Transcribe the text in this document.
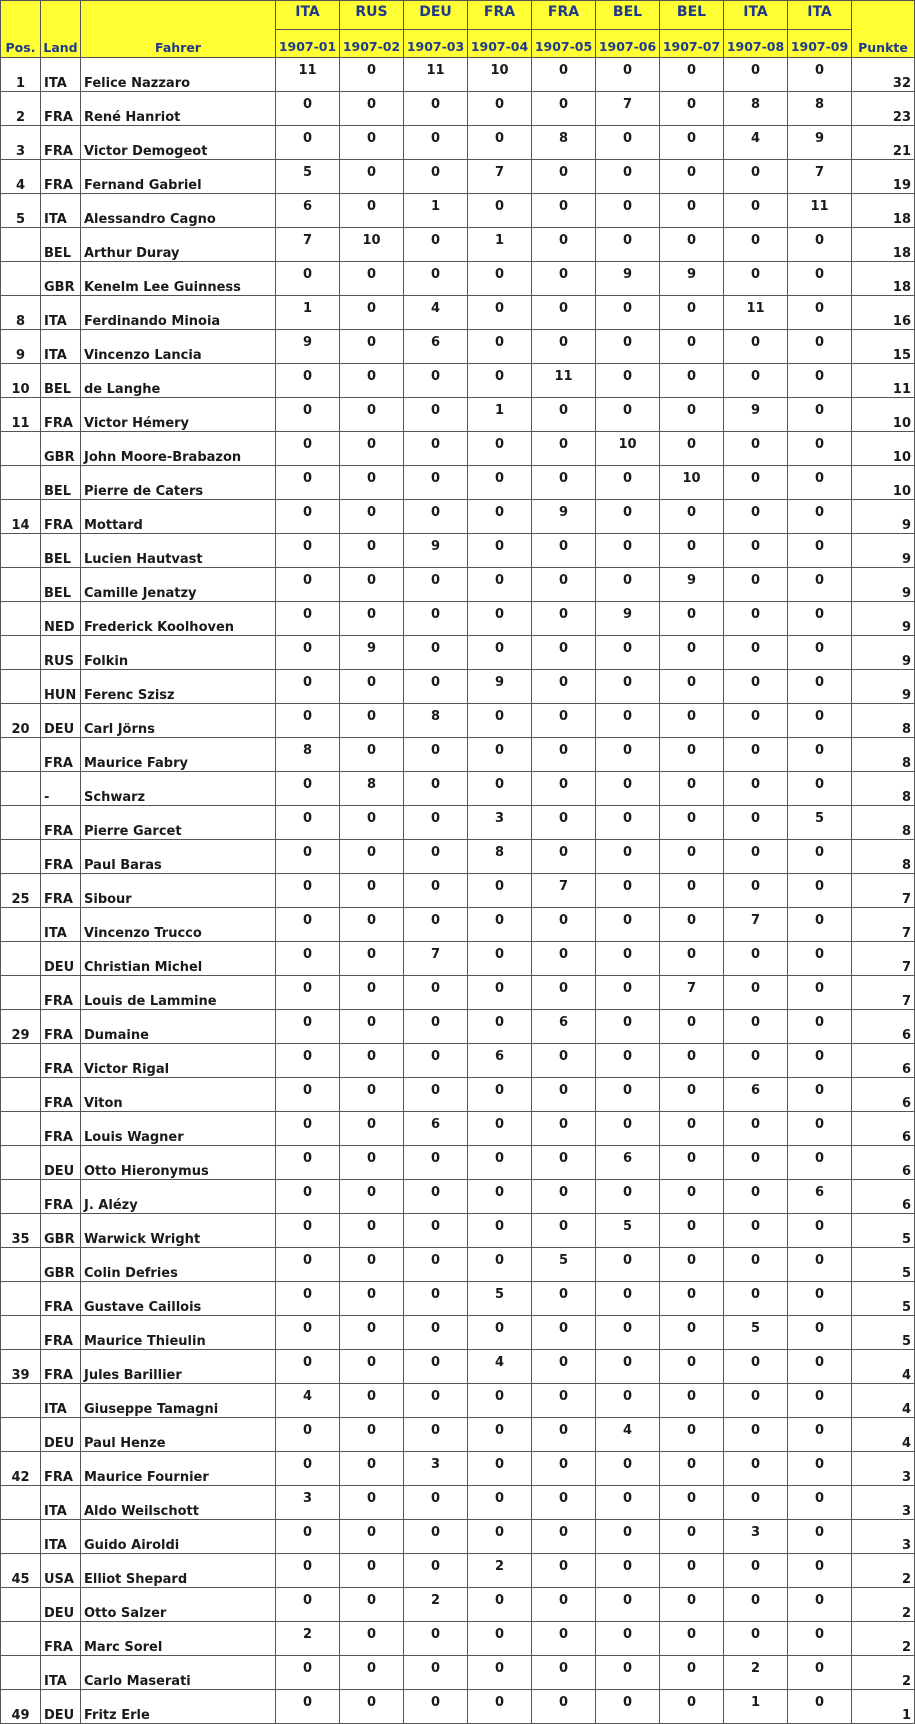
Pos.	Land	Fahrer	ITA	RUS	DEU	FRA	FRA	BEL	BEL	ITA	ITA	Punkte
			1907-01	1907-02	1907-03	1907-04	1907-05	1907-06	1907-07	1907-08	1907-09	
1	ITA	Felice Nazzaro	11	0	11	10	0	0	0	0	0	32
2	FRA	René Hanriot	0	0	0	0	0	7	0	8	8	23
3	FRA	Victor Demogeot	0	0	0	0	8	0	0	4	9	21
4	FRA	Fernand Gabriel	5	0	0	7	0	0	0	0	7	19
5	ITA	Alessandro Cagno	6	0	1	0	0	0	0	0	11	18
	BEL	Arthur Duray	7	10	0	1	0	0	0	0	0	18
	GBR	Kenelm Lee Guinness	0	0	0	0	0	9	9	0	0	18
8	ITA	Ferdinando Minoia	1	0	4	0	0	0	0	11	0	16
9	ITA	Vincenzo Lancia	9	0	6	0	0	0	0	0	0	15
10	BEL	de Langhe	0	0	0	0	11	0	0	0	0	11
11	FRA	Victor Hémery	0	0	0	1	0	0	0	9	0	10
	GBR	John Moore-Brabazon	0	0	0	0	0	10	0	0	0	10
	BEL	Pierre de Caters	0	0	0	0	0	0	10	0	0	10
14	FRA	Mottard	0	0	0	0	9	0	0	0	0	9
	BEL	Lucien Hautvast	0	0	9	0	0	0	0	0	0	9
	BEL	Camille Jenatzy	0	0	0	0	0	0	9	0	0	9
	NED	Frederick Koolhoven	0	0	0	0	0	9	0	0	0	9
	RUS	Folkin	0	9	0	0	0	0	0	0	0	9
	HUN	Ferenc Szisz	0	0	0	9	0	0	0	0	0	9
20	DEU	Carl Jörns	0	0	8	0	0	0	0	0	0	8
	FRA	Maurice Fabry	8	0	0	0	0	0	0	0	0	8
	-	Schwarz	0	8	0	0	0	0	0	0	0	8
	FRA	Pierre Garcet	0	0	0	3	0	0	0	0	5	8
	FRA	Paul Baras	0	0	0	8	0	0	0	0	0	8
25	FRA	Sibour	0	0	0	0	7	0	0	0	0	7
	ITA	Vincenzo Trucco	0	0	0	0	0	0	0	7	0	7
	DEU	Christian Michel	0	0	7	0	0	0	0	0	0	7
	FRA	Louis de Lammine	0	0	0	0	0	0	7	0	0	7
29	FRA	Dumaine	0	0	0	0	6	0	0	0	0	6
	FRA	Victor Rigal	0	0	0	6	0	0	0	0	0	6
	FRA	Viton	0	0	0	0	0	0	0	6	0	6
	FRA	Louis Wagner	0	0	6	0	0	0	0	0	0	6
	DEU	Otto Hieronymus	0	0	0	0	0	6	0	0	0	6
	FRA	J. Alézy	0	0	0	0	0	0	0	0	6	6
35	GBR	Warwick Wright	0	0	0	0	0	5	0	0	0	5
	GBR	Colin Defries	0	0	0	0	5	0	0	0	0	5
	FRA	Gustave Caillois	0	0	0	5	0	0	0	0	0	5
	FRA	Maurice Thieulin	0	0	0	0	0	0	0	5	0	5
39	FRA	Jules Barillier	0	0	0	4	0	0	0	0	0	4
	ITA	Giuseppe Tamagni	4	0	0	0	0	0	0	0	0	4
	DEU	Paul Henze	0	0	0	0	0	4	0	0	0	4
42	FRA	Maurice Fournier	0	0	3	0	0	0	0	0	0	3
	ITA	Aldo Weilschott	3	0	0	0	0	0	0	0	0	3
	ITA	Guido Airoldi	0	0	0	0	0	0	0	3	0	3
45	USA	Elliot Shepard	0	0	0	2	0	0	0	0	0	2
	DEU	Otto Salzer	0	0	2	0	0	0	0	0	0	2
	FRA	Marc Sorel	2	0	0	0	0	0	0	0	0	2
	ITA	Carlo Maserati	0	0	0	0	0	0	0	2	0	2
49	DEU	Fritz Erle	0	0	0	0	0	0	0	1	0	1
